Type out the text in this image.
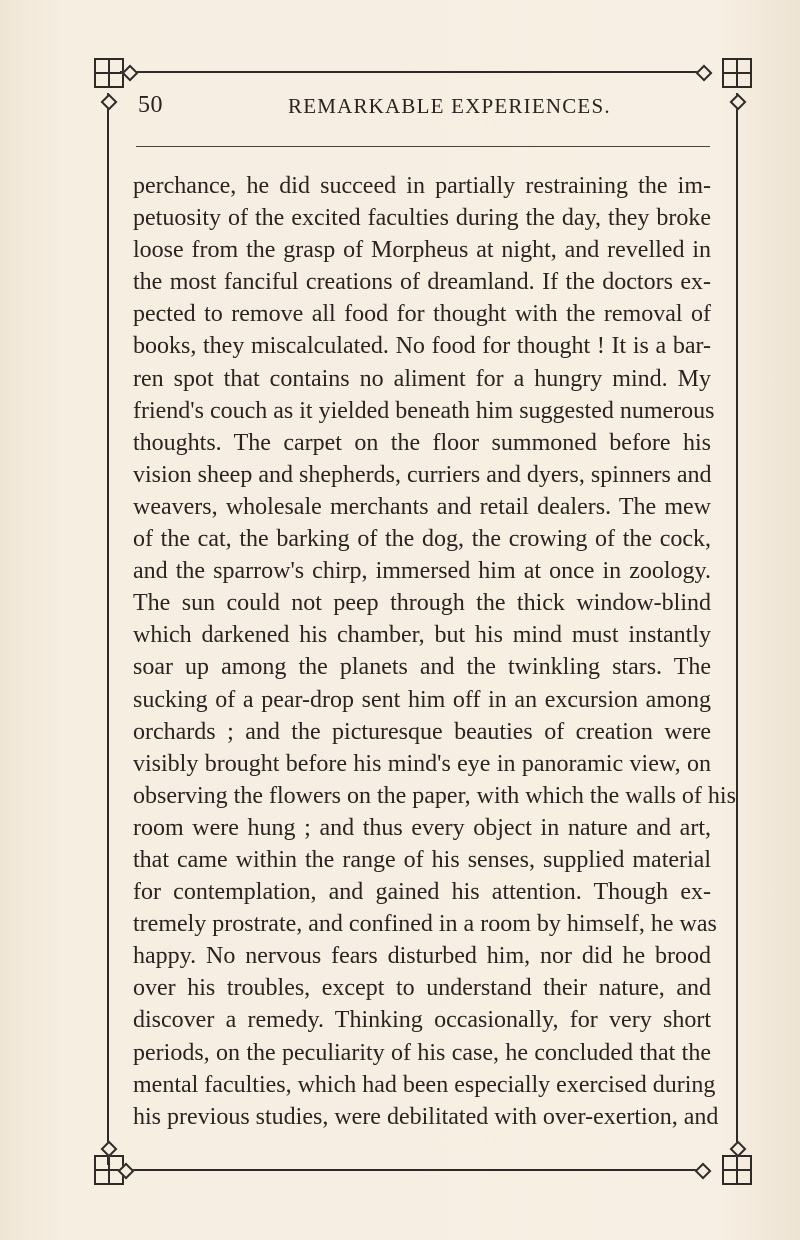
50	REMARKABLE EXPERIENCES.
perchance, he did succeed in partially restraining the im-
petuosity of the excited faculties during the day, they broke
loose from the grasp of Morpheus at night, and revelled in
the most fanciful creations of dreamland. If the doctors ex-
pected to remove all food for thought with the removal of
books, they miscalculated. No food for thought ! It is a bar-
ren spot that contains no aliment for a hungry mind. My
friend's couch as it yielded beneath him suggested numerous
thoughts. The carpet on the floor summoned before his
vision sheep and shepherds, curriers and dyers, spinners and
weavers, wholesale merchants and retail dealers. The mew
of the cat, the barking of the dog, the crowing of the cock,
and the sparrow's chirp, immersed him at once in zoology.
The sun could not peep through the thick window-blind
which darkened his chamber, but his mind must instantly
soar up among the planets and the twinkling stars. The
sucking of a pear-drop sent him off in an excursion among
orchards ; and the picturesque beauties of creation were
visibly brought before his mind's eye in panoramic view, on
observing the flowers on the paper, with which the walls of his
room were hung ; and thus every object in nature and art,
that came within the range of his senses, supplied material
for contemplation, and gained his attention. Though ex-
tremely prostrate, and confined in a room by himself, he was
happy. No nervous fears disturbed him, nor did he brood
over his troubles, except to understand their nature, and
discover a remedy. Thinking occasionally, for very short
periods, on the peculiarity of his case, he concluded that the
mental faculties, which had been especially exercised during
his previous studies, were debilitated with over-exertion, and
